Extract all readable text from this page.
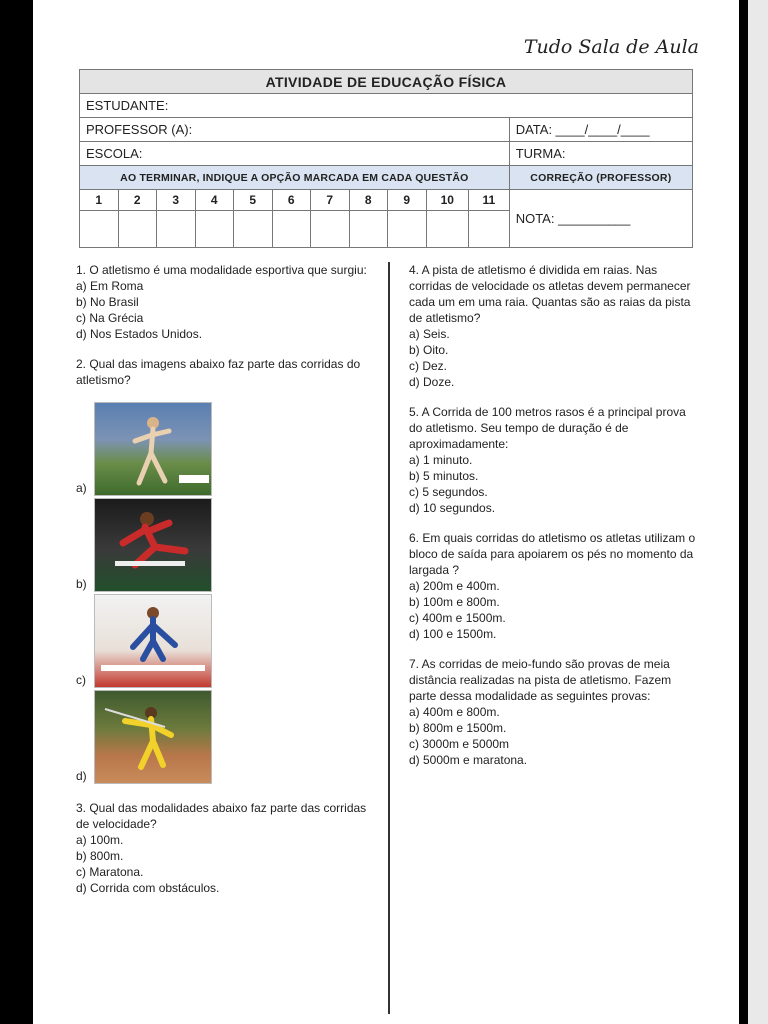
Tudo Sala de Aula
ATIVIDADE DE EDUCAÇÃO FÍSICA											
ESTUDANTE:											
PROFESSOR (A):											DATA: ____/____/____
ESCOLA:											TURMA:
AO TERMINAR, INDIQUE A OPÇÃO MARCADA EM CADA QUESTÃO											CORREÇÃO (PROFESSOR)
1	2	3	4	5	6	7	8	9	10	11	NOTA: __________

1. O atletismo é uma modalidade esportiva que surgiu:

a) Em Roma
b) No Brasil
c) Na Grécia
d) Nos Estados Unidos.

2. Qual das imagens abaixo faz parte das corridas do atletismo?

a)
b)
c)
d)

3. Qual das modalidades abaixo faz parte das corridas de velocidade?

a) 100m.
b) 800m.
c) Maratona.
d) Corrida com obstáculos.

4. A pista de atletismo é dividida em raias. Nas corridas de velocidade os atletas devem permanecer cada um em uma raia. Quantas são as raias da pista de atletismo?

a) Seis.
b) Oito.
c) Dez.
d) Doze.

5. A Corrida de 100 metros rasos é a principal prova do atletismo. Seu tempo de duração é de aproximadamente:

a) 1 minuto.
b) 5 minutos.
c) 5 segundos.
d) 10 segundos.

6. Em quais corridas do atletismo os atletas utilizam o bloco de saída para apoiarem os pés no momento da largada ?

a) 200m e 400m.
b) 100m e 800m.
c) 400m e 1500m.
d) 100 e 1500m.

7. As corridas de meio-fundo são provas de meia distância realizadas na pista de atletismo. Fazem parte dessa modalidade as seguintes provas:

a) 400m e 800m.
b) 800m e 1500m.
c) 3000m e 5000m
d) 5000m e maratona.
